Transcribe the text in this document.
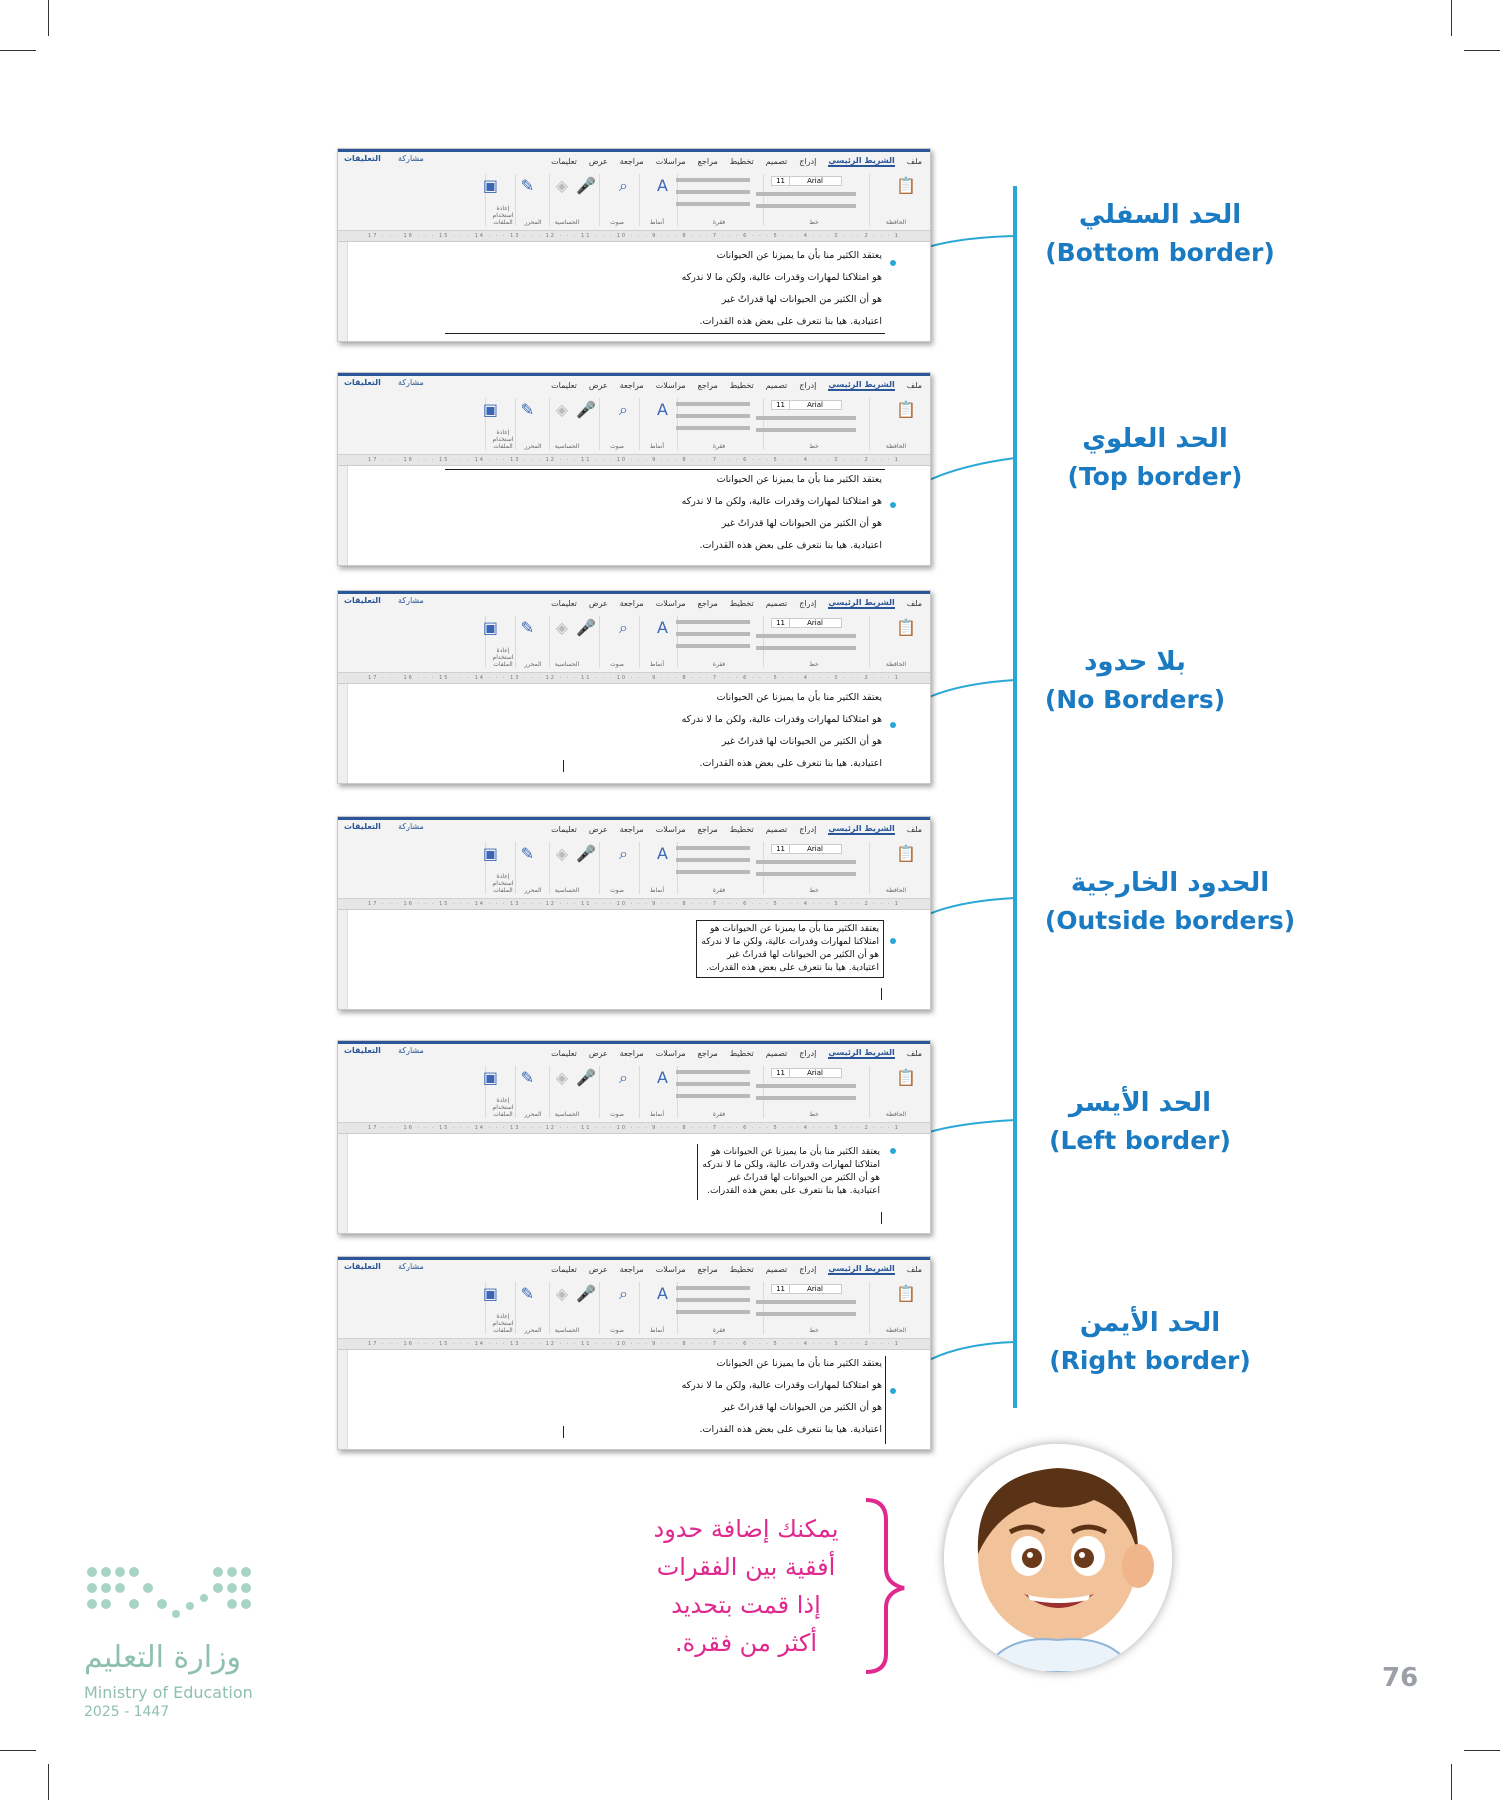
ملف
الشريط الرئيسي
إدراج
تصميم
تخطيط
مراجع
مراسلات
مراجعة
عرض
تعليمات
مشاركة
التعليقات
الحافظة
خط
فقرة
أنماط
صوت
الحساسية
المحرر
إعادة استخدام الملفات
📋
Arial
11
A
⌕
🎤
◈
✎
▣
1 · · · 2 · · · 3 · · · 4 · · · 5 · · · 6 · · · 7 · · · 8 · · · 9 · · · 10 · · · 11 · · · 12 · · · 13 · · · 14 · · · 15 · · · 16 · · · 17
يعتقد الكثير منا بأن ما يميزنا عن الحيوانات
هو امتلاكنا لمهارات وقدرات عالية، ولكن ما لا ندركه
هو أن الكثير من الحيوانات لها قدراتٌ غير
اعتيادية. هيا بنا نتعرف على بعض هذه القدرات.
ملف
الشريط الرئيسي
إدراج
تصميم
تخطيط
مراجع
مراسلات
مراجعة
عرض
تعليمات
مشاركة
التعليقات
الحافظة
خط
فقرة
أنماط
صوت
الحساسية
المحرر
إعادة استخدام الملفات
📋
Arial
11
A
⌕
🎤
◈
✎
▣
1 · · · 2 · · · 3 · · · 4 · · · 5 · · · 6 · · · 7 · · · 8 · · · 9 · · · 10 · · · 11 · · · 12 · · · 13 · · · 14 · · · 15 · · · 16 · · · 17
يعتقد الكثير منا بأن ما يميزنا عن الحيوانات
هو امتلاكنا لمهارات وقدرات عالية، ولكن ما لا ندركه
هو أن الكثير من الحيوانات لها قدراتٌ غير
اعتيادية. هيا بنا نتعرف على بعض هذه القدرات.
ملف
الشريط الرئيسي
إدراج
تصميم
تخطيط
مراجع
مراسلات
مراجعة
عرض
تعليمات
مشاركة
التعليقات
الحافظة
خط
فقرة
أنماط
صوت
الحساسية
المحرر
إعادة استخدام الملفات
📋
Arial
11
A
⌕
🎤
◈
✎
▣
1 · · · 2 · · · 3 · · · 4 · · · 5 · · · 6 · · · 7 · · · 8 · · · 9 · · · 10 · · · 11 · · · 12 · · · 13 · · · 14 · · · 15 · · · 16 · · · 17
يعتقد الكثير منا بأن ما يميزنا عن الحيوانات
هو امتلاكنا لمهارات وقدرات عالية، ولكن ما لا ندركه
هو أن الكثير من الحيوانات لها قدراتٌ غير
اعتيادية. هيا بنا نتعرف على بعض هذه القدرات.
ملف
الشريط الرئيسي
إدراج
تصميم
تخطيط
مراجع
مراسلات
مراجعة
عرض
تعليمات
مشاركة
التعليقات
الحافظة
خط
فقرة
أنماط
صوت
الحساسية
المحرر
إعادة استخدام الملفات
📋
Arial
11
A
⌕
🎤
◈
✎
▣
1 · · · 2 · · · 3 · · · 4 · · · 5 · · · 6 · · · 7 · · · 8 · · · 9 · · · 10 · · · 11 · · · 12 · · · 13 · · · 14 · · · 15 · · · 16 · · · 17
يعتقد الكثير منا بأن ما يميزنا عن الحيوانات هو
امتلاكنا لمهارات وقدرات عالية، ولكن ما لا ندركه
هو أن الكثير من الحيوانات لها قدراتٌ غير
اعتيادية. هيا بنا نتعرف على بعض هذه القدرات.
ملف
الشريط الرئيسي
إدراج
تصميم
تخطيط
مراجع
مراسلات
مراجعة
عرض
تعليمات
مشاركة
التعليقات
الحافظة
خط
فقرة
أنماط
صوت
الحساسية
المحرر
إعادة استخدام الملفات
📋
Arial
11
A
⌕
🎤
◈
✎
▣
1 · · · 2 · · · 3 · · · 4 · · · 5 · · · 6 · · · 7 · · · 8 · · · 9 · · · 10 · · · 11 · · · 12 · · · 13 · · · 14 · · · 15 · · · 16 · · · 17
يعتقد الكثير منا بأن ما يميزنا عن الحيوانات هو
امتلاكنا لمهارات وقدرات عالية، ولكن ما لا ندركه
هو أن الكثير من الحيوانات لها قدراتٌ غير
اعتيادية. هيا بنا نتعرف على بعض هذه القدرات.
ملف
الشريط الرئيسي
إدراج
تصميم
تخطيط
مراجع
مراسلات
مراجعة
عرض
تعليمات
مشاركة
التعليقات
الحافظة
خط
فقرة
أنماط
صوت
الحساسية
المحرر
إعادة استخدام الملفات
📋
Arial
11
A
⌕
🎤
◈
✎
▣
1 · · · 2 · · · 3 · · · 4 · · · 5 · · · 6 · · · 7 · · · 8 · · · 9 · · · 10 · · · 11 · · · 12 · · · 13 · · · 14 · · · 15 · · · 16 · · · 17
يعتقد الكثير منا بأن ما يميزنا عن الحيوانات
هو امتلاكنا لمهارات وقدرات عالية، ولكن ما لا ندركه
هو أن الكثير من الحيوانات لها قدراتٌ غير
اعتيادية. هيا بنا نتعرف على بعض هذه القدرات.
الحد السفلي
(Bottom border)
الحد العلوي
(Top border)
بلا حدود
(No Borders)
الحدود الخارجية
(Outside borders)
الحد الأيسر
(Left border)
الحد الأيمن
(Right border)
يمكنك إضافة حدود
أفقية بين الفقرات
إذا قمت بتحديد
أكثر من فقرة.
وزارة التعليم
Ministry of Education
2025 - 1447
76
